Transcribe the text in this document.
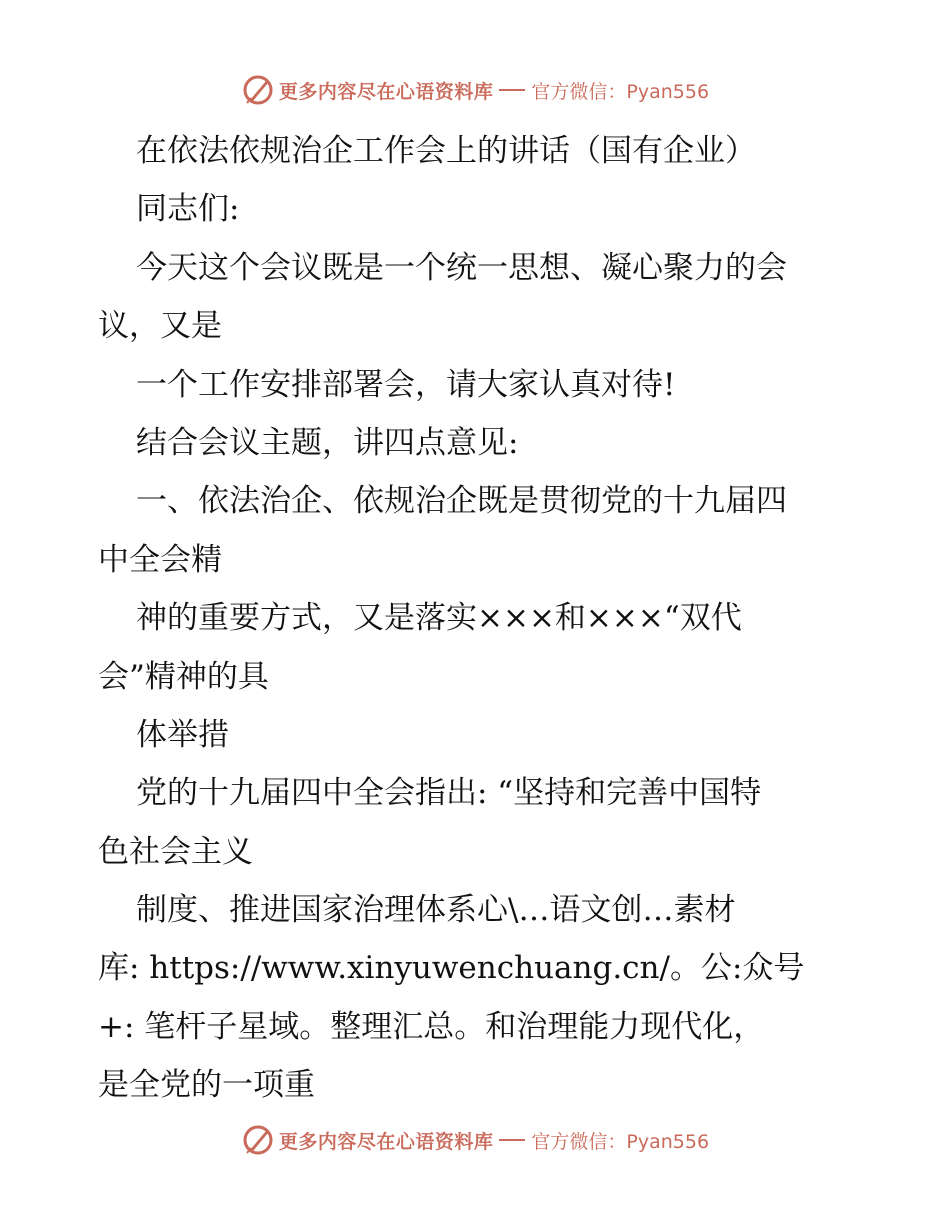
更多内容尽在心语资料库 官方微信：Pyan556
在依法依规治企工作会上的讲话（国有企业）
同志们:
今天这个会议既是一个统一思想、凝心聚力的会
议，又是
一个工作安排部署会，请大家认真对待!
结合会议主题，讲四点意见:
一、依法治企、依规治企既是贯彻党的十九届四
中全会精
神的重要方式，又是落实×××和×××“双代
会”精神的具
体举措
党的十九届四中全会指出: “坚持和完善中国特
色社会主义
制度、推进国家治理体系心\…语文创…素材
库: https://www.xinyuwenchuang.cn/。公:众号
+: 笔杆子星域。整理汇总。和治理能力现代化，
是全党的一项重
更多内容尽在心语资料库 官方微信：Pyan556
